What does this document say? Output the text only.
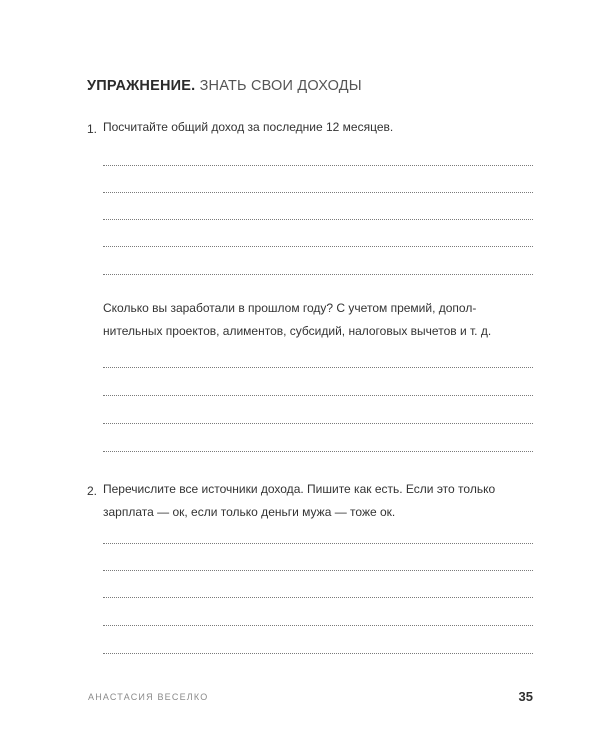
УПРАЖНЕНИЕ. ЗНАТЬ СВОИ ДОХОДЫ
1. Посчитайте общий доход за последние 12 месяцев.
Сколько вы заработали в прошлом году? С учетом премий, допол-нительных проектов, алиментов, субсидий, налоговых вычетов и т. д.
2. Перечислите все источники дохода. Пишите как есть. Если это только зарплата — ок, если только деньги мужа — тоже ок.
АНАСТАСИЯ ВЕСЕЛКО	35
